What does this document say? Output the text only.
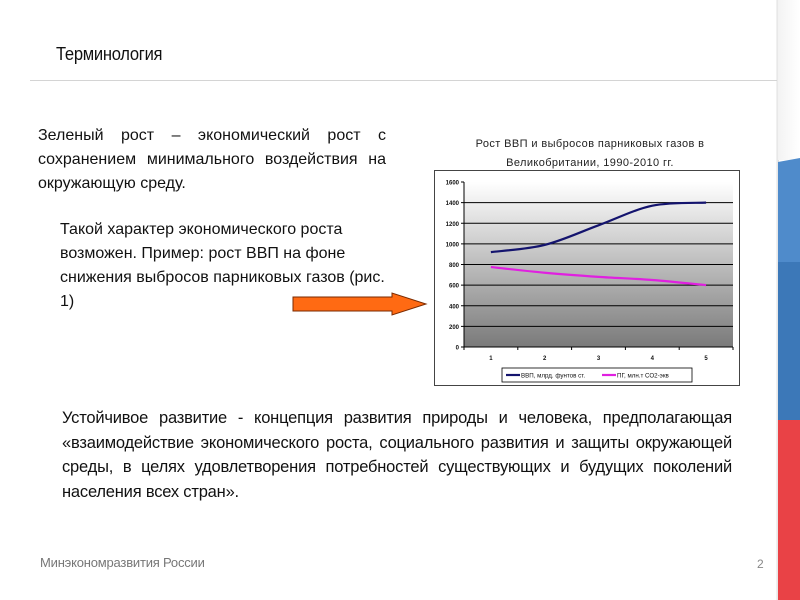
Терминология
Зеленый рост – экономический рост с сохранением минимального воздействия на окружающую среду.
Такой характер экономического роста возможен. Пример: рост ВВП на фоне снижения выбросов парниковых газов (рис. 1)
Рост ВВП и выбросов парниковых газов в
Великобритании, 1990-2010 гг.
0
200
400
600
800
1000
1200
1400
1600
1	2	3	4	5
ВВП, млрд. фунтов ст.	ПГ, млн.т СО2-экв
Устойчивое развитие - концепция развития природы и человека, предполагающая «взаимодействие экономического роста, социального развития и защиты окружающей среды, в целях удовлетворения потребностей существующих и будущих поколений населения всех стран».
Минэкономразвития России	2
